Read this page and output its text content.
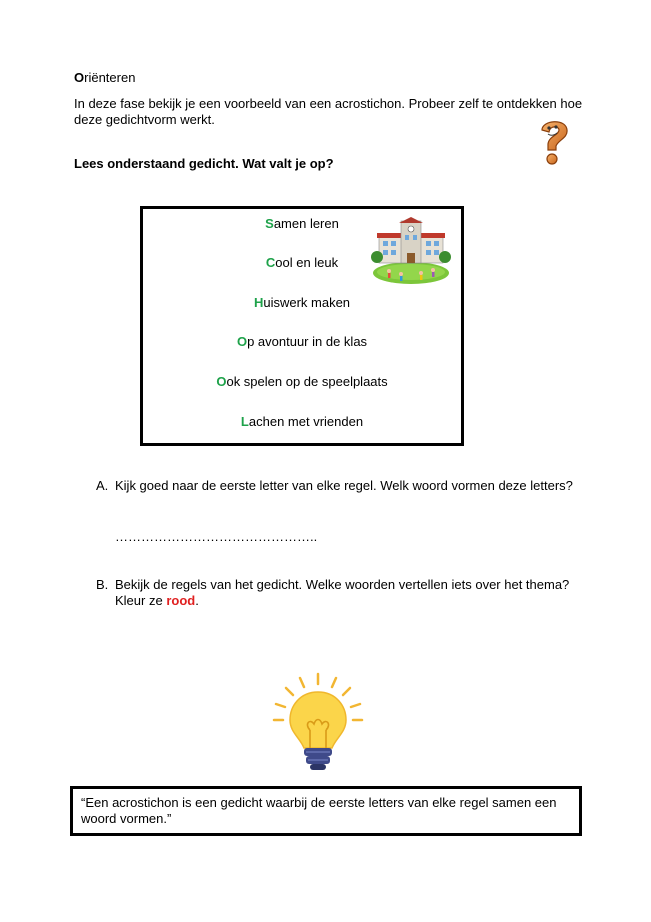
Oriënteren
In deze fase bekijk je een voorbeeld van een acrostichon. Probeer zelf te ontdekken hoe deze gedichtvorm werkt.
Lees onderstaand gedicht. Wat valt je op?
Samen leren
Cool en leuk
Huiswerk maken
Op avontuur in de klas
Ook spelen op de speelplaats
Lachen met vrienden
A. Kijk goed naar de eerste letter van elke regel. Welk woord vormen deze letters?
………………………………………..
B. Bekijk de regels van het gedicht. Welke woorden vertellen iets over het thema? Kleur ze rood.
“Een acrostichon is een gedicht waarbij de eerste letters van elke regel samen een woord vormen.”
